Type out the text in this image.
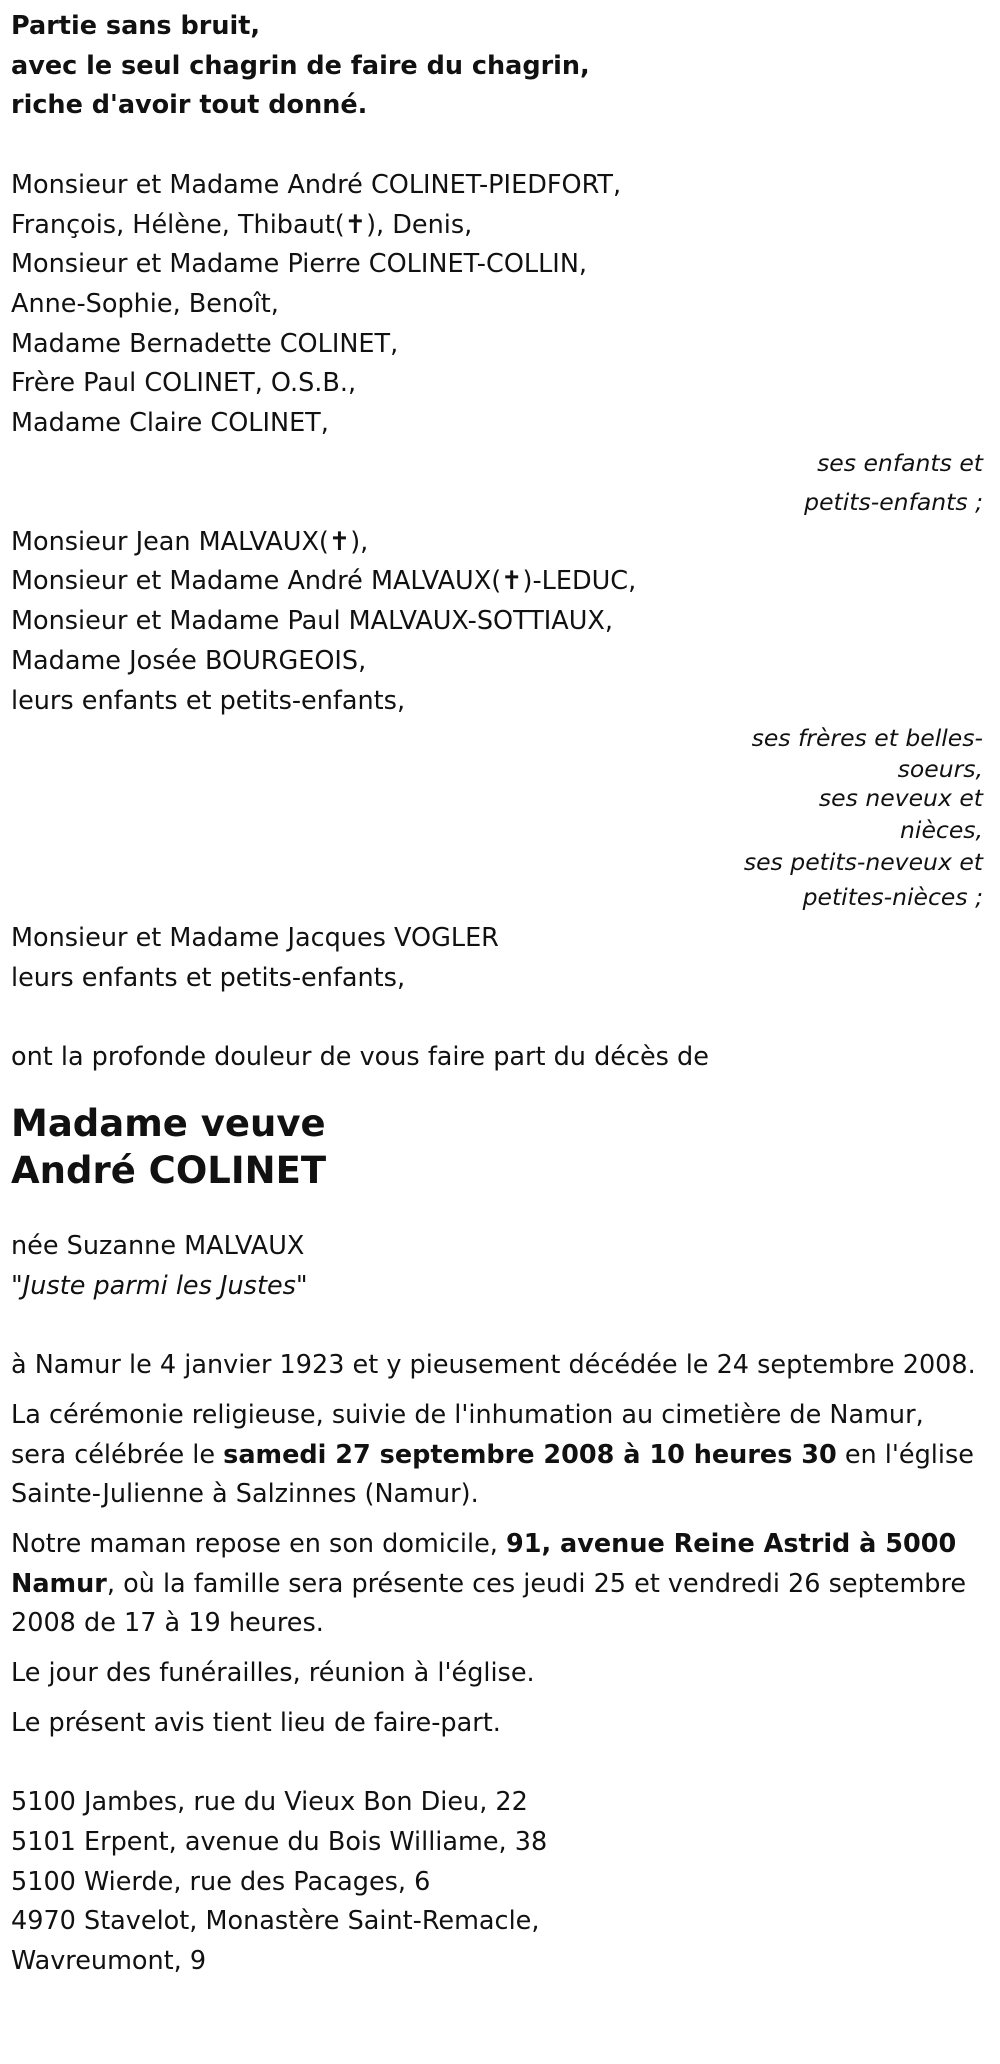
Partie sans bruit,
avec le seul chagrin de faire du chagrin,
riche d'avoir tout donné.
Monsieur et Madame André COLINET-PIEDFORT,
François, Hélène, Thibaut(✝), Denis,
Monsieur et Madame Pierre COLINET-COLLIN,
Anne-Sophie, Benoît,
Madame Bernadette COLINET,
Frère Paul COLINET, O.S.B.,
Madame Claire COLINET,
ses enfants et
petits-enfants ;
Monsieur Jean MALVAUX(✝),
Monsieur et Madame André MALVAUX(✝)-LEDUC,
Monsieur et Madame Paul MALVAUX-SOTTIAUX,
Madame Josée BOURGEOIS,
leurs enfants et petits-enfants,
ses frères et belles-
soeurs,
ses neveux et
nièces,
ses petits-neveux et
petites-nièces ;
Monsieur et Madame Jacques VOGLER
leurs enfants et petits-enfants,
ont la profonde douleur de vous faire part du décès de
Madame veuve
André COLINET
née Suzanne MALVAUX
"Juste parmi les Justes"
à Namur le 4 janvier 1923 et y pieusement décédée le 24 septembre 2008.
La cérémonie religieuse, suivie de l'inhumation au cimetière de Namur, sera célébrée le samedi 27 septembre 2008 à 10 heures 30 en l'église Sainte-Julienne à Salzinnes (Namur).
Notre maman repose en son domicile, 91, avenue Reine Astrid à 5000 Namur, où la famille sera présente ces jeudi 25 et vendredi 26 septembre 2008 de 17 à 19 heures.
Le jour des funérailles, réunion à l'église.
Le présent avis tient lieu de faire-part.
5100 Jambes, rue du Vieux Bon Dieu, 22
5101 Erpent, avenue du Bois Williame, 38
5100 Wierde, rue des Pacages, 6
4970 Stavelot, Monastère Saint-Remacle,
Wavreumont, 9
